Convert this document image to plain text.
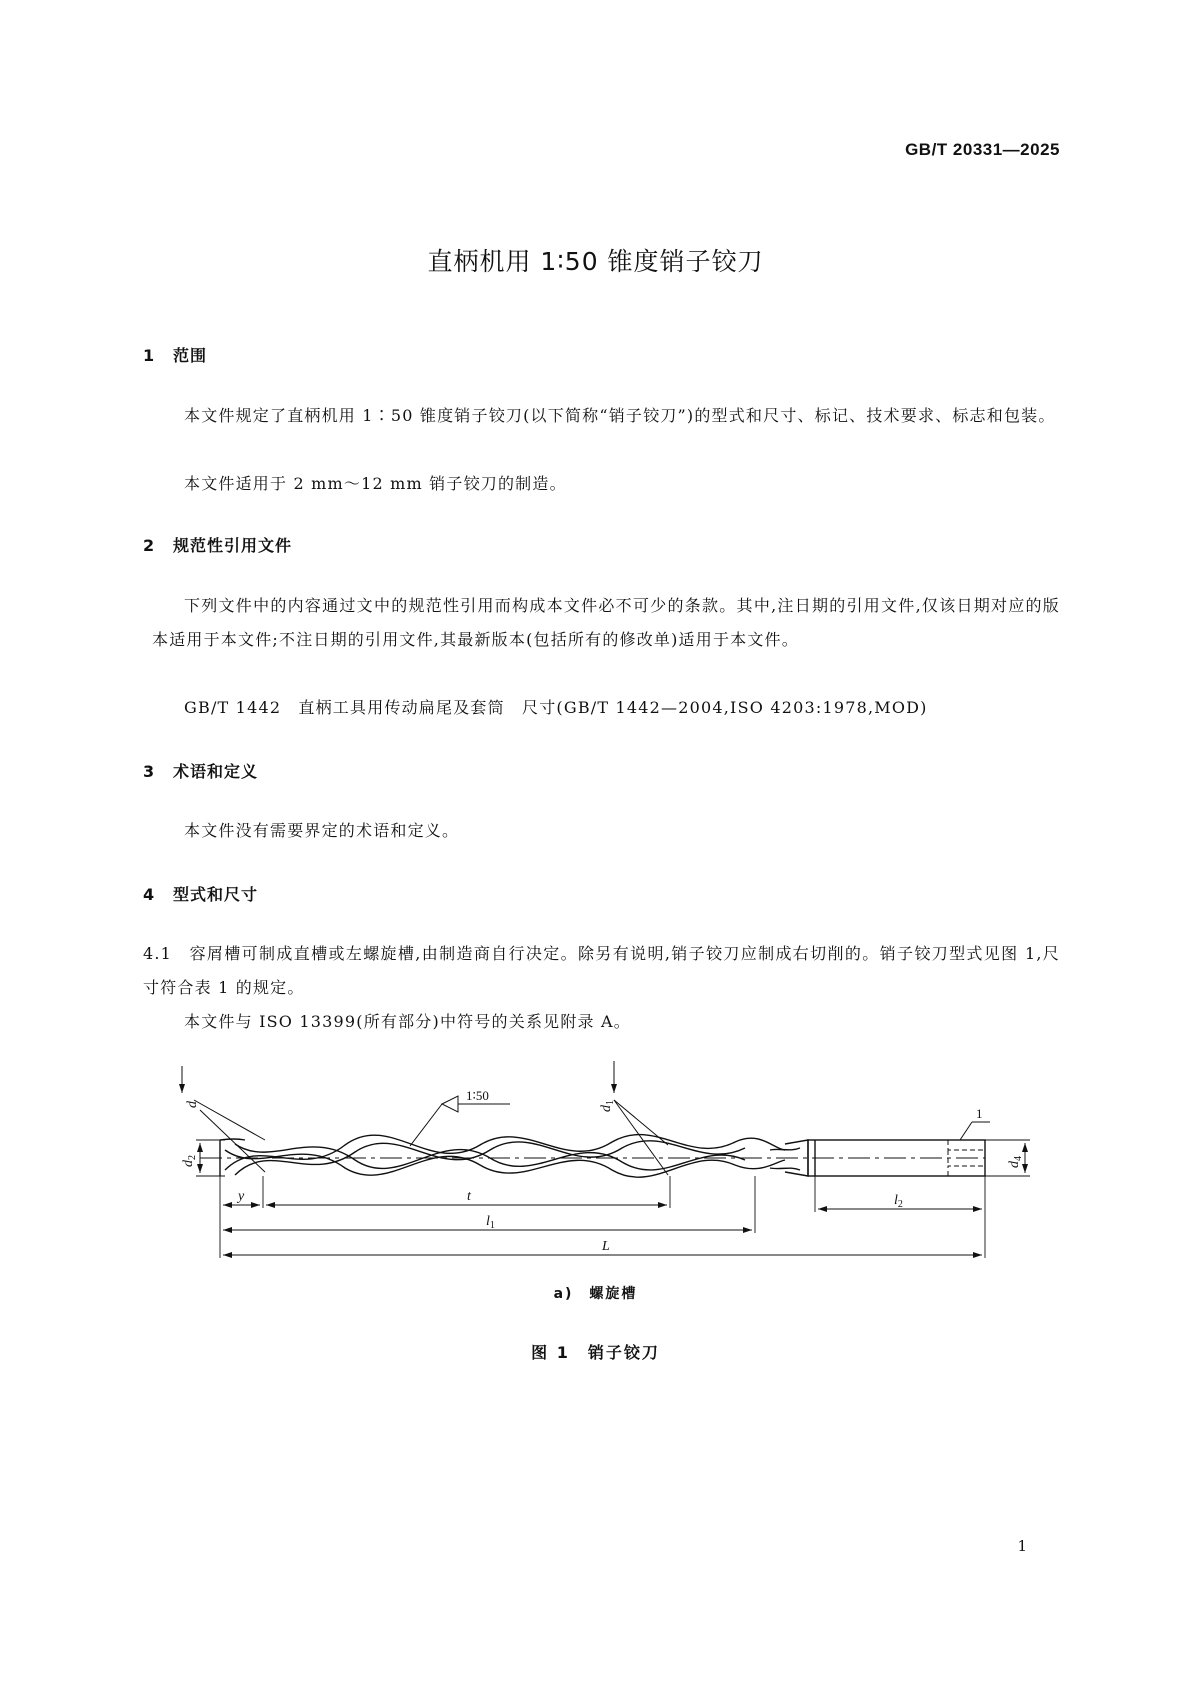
GB/T 20331—2025
直柄机用 1∶50 锥度销子铰刀
1 范围
本文件规定了直柄机用 1∶50 锥度销子铰刀(以下简称“销子铰刀”)的型式和尺寸、标记、技术要求、标志和包装。
本文件适用于 2 mm～12 mm 销子铰刀的制造。
2 规范性引用文件
下列文件中的内容通过文中的规范性引用而构成本文件必不可少的条款。其中,注日期的引用文件,仅该日期对应的版本适用于本文件;不注日期的引用文件,其最新版本(包括所有的修改单)适用于本文件。
GB/T 1442　直柄工具用传动扁尾及套筒　尺寸(GB/T 1442—2004,ISO 4203:1978,MOD)
3 术语和定义
本文件没有需要界定的术语和定义。
4 型式和尺寸
4.1　容屑槽可制成直槽或左螺旋槽,由制造商自行决定。除另有说明,销子铰刀应制成右切削的。销子铰刀型式见图 1,尺寸符合表 1 的规定。
本文件与 ISO 13399(所有部分)中符号的关系见附录 A。
d
$d_1$
$d_2$
$d_4$
1∶50
1
y	t
$l_1$
$l_2$
L
a)　螺旋槽
图 1　销子铰刀
1
